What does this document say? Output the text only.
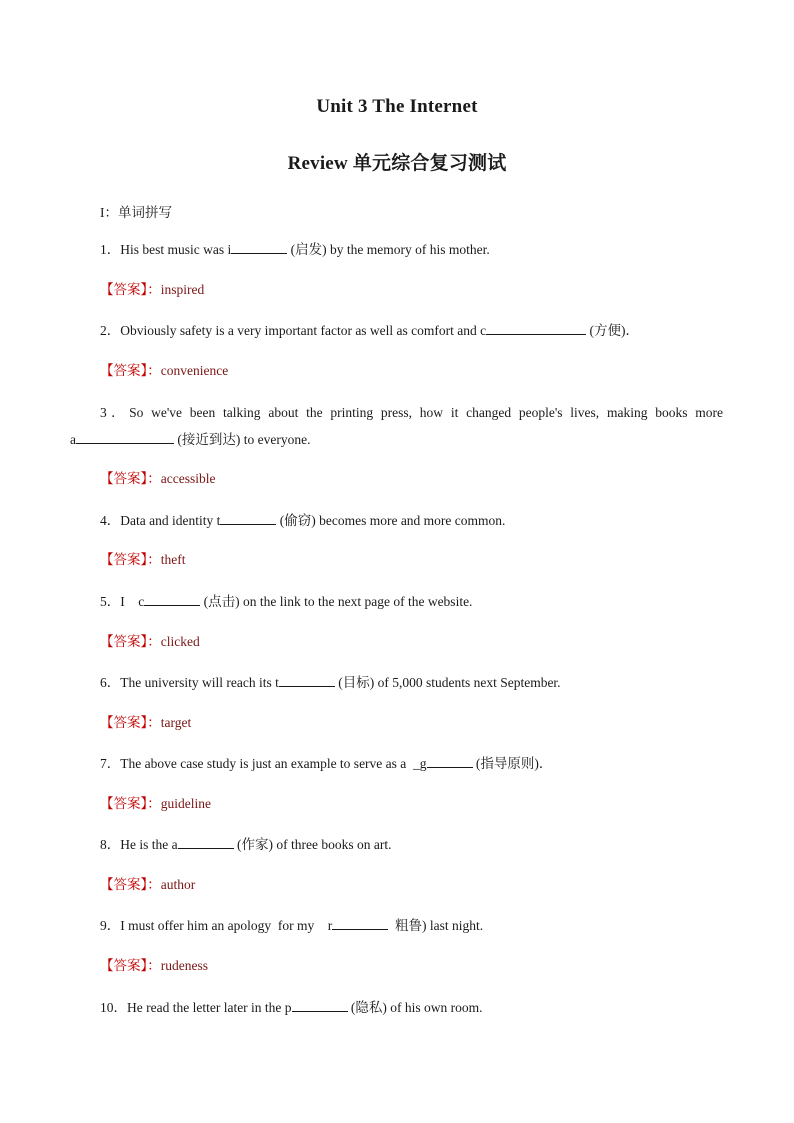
Unit 3 The Internet
Review 单元综合复习测试
I：单词拼写
1．His best music was i	(启发) by the memory of his mother.
【答案】：inspired
2．Obviously safety is a very important factor as well as comfort and c	(方便)．
【答案】：convenience
3．So we've been talking about the printing press, how it changed people's lives, making books more
a	(接近到达) to everyone.
【答案】：accessible
4．Data and identity t	(偷窃) becomes more and more common.
【答案】：theft
5．I    c	(点击) on the link to the next page of the website.
【答案】：clicked
6．The university will reach its t	(目标) of 5,000 students next September.
【答案】：target
7．The above case study is just an example to serve as a  _g	(指导原则)．
【答案】：guideline
8．He is the a	(作家) of three books on art.
【答案】：author
9．I must offer him an apology  for my    r	粗鲁) last night.
【答案】：rudeness
10．He read the letter later in the p	(隐私) of his own room.
